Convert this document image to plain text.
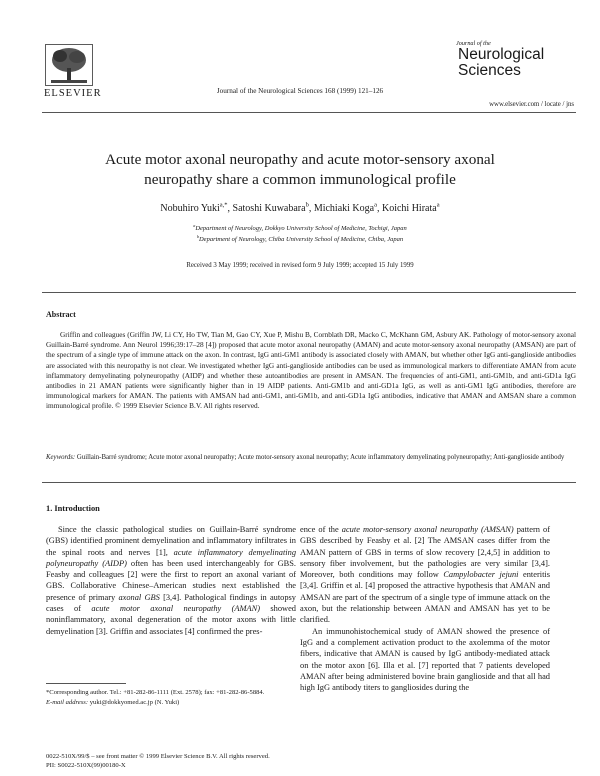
ELSEVIER	Journal of the Neurological Sciences 168 (1999) 121–126
Journal of the
Neurological
Sciences
www.elsevier.com / locate / jns
Acute motor axonal neuropathy and acute motor-sensory axonal
neuropathy share a common immunological profile
Nobuhiro Yuki$^{a,*}$, Satoshi Kuwabara$^b$, Michiaki Koga$^a$, Koichi Hirata$^a$
$^a$Department of Neurology, Dokkyo University School of Medicine, Tochigi, Japan
$^b$Department of Neurology, Chiba University School of Medicine, Chiba, Japan
Received 3 May 1999; received in revised form 9 July 1999; accepted 15 July 1999
Abstract
Griffin and colleagues (Griffin JW, Li CY, Ho TW, Tian M, Gao CY, Xue P, Mishu B, Cornblath DR, Macko C, McKhann GM, Asbury AK. Pathology of motor-sensory axonal Guillain-Barré syndrome. Ann Neurol 1996;39:17–28 [4]) proposed that acute motor axonal neuropathy (AMAN) and acute motor-sensory axonal neuropathy (AMSAN) are part of the spectrum of a single type of immune attack on the axon. In contrast, IgG anti-GM1 antibody is associated closely with AMAN, but whether other IgG anti-ganglioside antibodies are associated with this neuropathy is not clear. We investigated whether IgG anti-ganglioside antibodies can be used as immunological markers to differentiate AMAN from acute inflammatory demyelinating polyneuropathy (AIDP) and whether these autoantibodies are present in AMSAN. The frequencies of anti-GM1, anti-GM1b, and anti-GD1a IgG antibodies in 21 AMAN patients were significantly higher than in 19 AIDP patients. Anti-GM1b and anti-GD1a IgG, as well as anti-GM1 IgG antibodies, therefore are immunological markers for AMAN. The patients with AMSAN had anti-GM1, anti-GM1b, and anti-GD1a IgG antibodies, indicative that AMAN and AMSAN share a common immunological profile. © 1999 Elsevier Science B.V. All rights reserved.
Keywords: Guillain-Barré syndrome; Acute motor axonal neuropathy; Acute motor-sensory axonal neuropathy; Acute inflammatory demyelinating polyneuropathy; Anti-ganglioside antibody
1. Introduction

Since the classic pathological studies on Guillain-Barré syndrome (GBS) identified prominent demyelination and inflammatory infiltrates in the spinal roots and nerves [1], acute inflammatory demyelinating polyneuropathy (AIDP) often has been used interchangeably for GBS. Feasby and colleagues [2] were the first to report an axonal variant of GBS. Collaborative Chinese–American studies next established the presence of primary axonal GBS [3,4]. Pathological findings in autopsy cases of acute motor axonal neuropathy (AMAN) showed noninflammatory, axonal degeneration of the motor axons with little demyelination [3]. Griffin and associates [4] confirmed the pres-

ence of the acute motor-sensory axonal neuropathy (AMSAN) pattern of GBS described by Feasby et al. [2] The AMSAN cases differ from the AMAN pattern of GBS in terms of slow recovery [2,4,5] in addition to sensory fiber involvement, but the pathologies are very similar [3,4]. Moreover, both conditions may follow Campylobacter jejuni enteritis [3,4]. Griffin et al. [4] proposed the attractive hypothesis that AMAN and AMSAN are part of the spectrum of a single type of immune attack on the axon, but the relationship between AMAN and AMSAN has yet to be clarified.

An immunohistochemical study of AMAN showed the presence of IgG and a complement activation product to the axolemma of the motor fibers, indicative that AMAN is caused by IgG antibody-mediated attack on the motor axon [6]. Illa et al. [7] reported that 7 patients developed AMAN after being administered bovine brain ganglioside and that all had high IgG antibody titers to gangliosides during the

*Corresponding author. Tel.: +81-282-86-1111 (Ext. 2578); fax: +81-282-86-5884.
E-mail address: yuki@dokkyomed.ac.jp (N. Yuki)
0022-510X/99/$ – see front matter © 1999 Elsevier Science B.V. All rights reserved.
PII: S0022-510X(99)00180-X
